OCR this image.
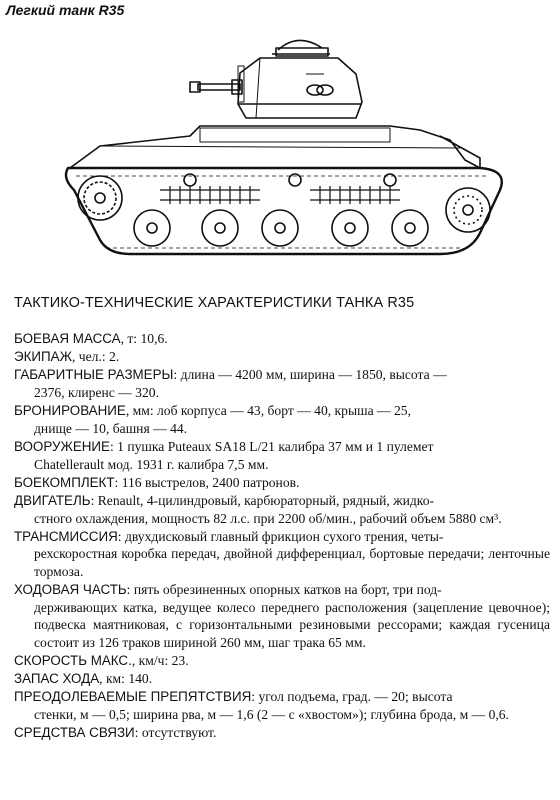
Легкий танк R35
ТАКТИКО-ТЕХНИЧЕСКИЕ ХАРАКТЕРИСТИКИ ТАНКА R35
БОЕВАЯ МАССА, т: 10,6.
ЭКИПАЖ, чел.: 2.
ГАБАРИТНЫЕ РАЗМЕРЫ: длина — 4200 мм, ширина — 1850, высота —
2376, клиренс — 320.
БРОНИРОВАНИЕ, мм: лоб корпуса — 43, борт — 40, крыша — 25,
днище — 10, башня — 44.
ВООРУЖЕНИЕ: 1 пушка Puteaux SA18 L/21 калибра 37 мм и 1 пулемет
Chatellerault мод. 1931 г. калибра 7,5 мм.
БОЕКОМПЛЕКТ: 116 выстрелов, 2400 патронов.
ДВИГАТЕЛЬ: Renault, 4-цилиндровый, карбюраторный, рядный, жидко-
стного охлаждения, мощность 82 л.с. при 2200 об/мин., рабочий объем 5880 см³.
ТРАНСМИССИЯ: двухдисковый главный фрикцион сухого трения, четы-
рехскоростная коробка передач, двойной дифференциал, бортовые передачи; ленточные тормоза.
ХОДОВАЯ ЧАСТЬ: пять обрезиненных опорных катков на борт, три под-
держивающих катка, ведущее колесо переднего расположения (зацепление цевочное); подвеска маятниковая, с горизонтальными резиновыми рессорами; каждая гусеница состоит из 126 траков шириной 260 мм, шаг трака 65 мм.
СКОРОСТЬ МАКС., км/ч: 23.
ЗАПАС ХОДА, км: 140.
ПРЕОДОЛЕВАЕМЫЕ ПРЕПЯТСТВИЯ: угол подъема, град. — 20; высота
стенки, м — 0,5; ширина рва, м — 1,6 (2 — с «хвостом»); глубина брода, м — 0,6.
СРЕДСТВА СВЯЗИ: отсутствуют.
